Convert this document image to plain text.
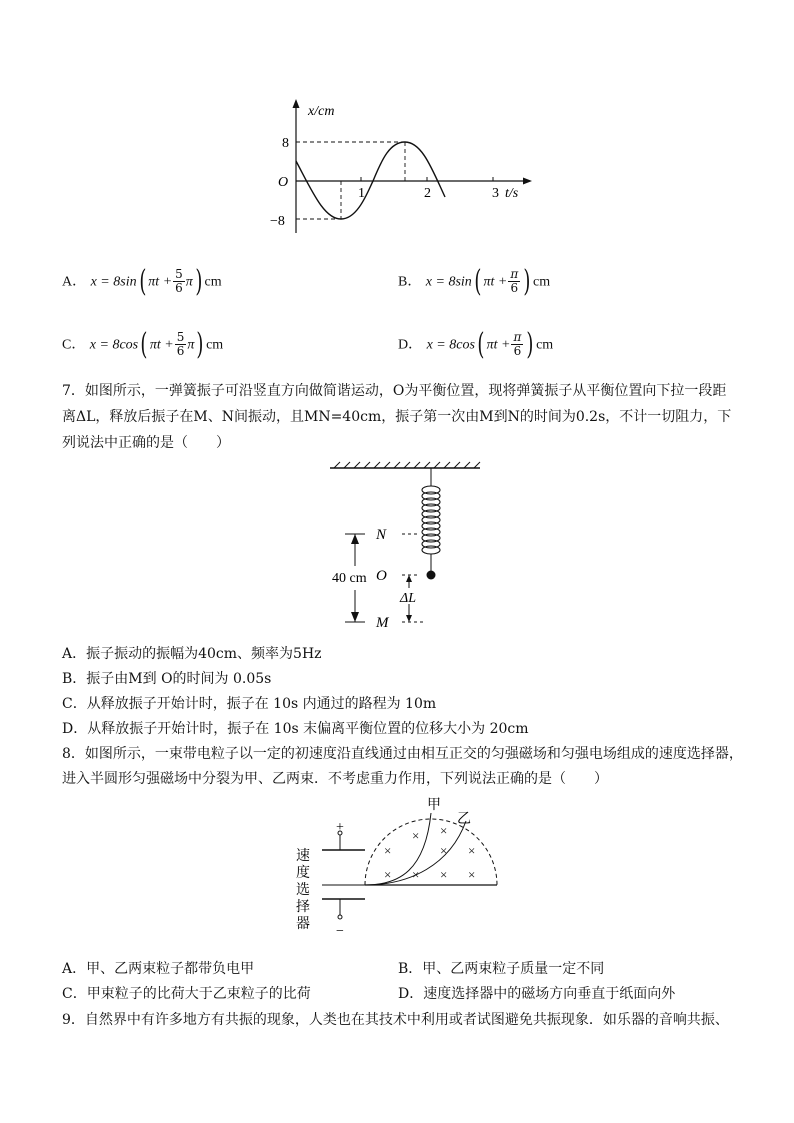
x/cm
8
O
−8
1	2	3 t/s
A． x = 8sin( $\pi t + \frac{5}{6} \pi$) cm	B． x = 8sin( $\pi t + \frac{\pi}{6}$ ) cm
C． x = 8cos( $\pi t + \frac{5}{6} \pi$) cm	D． x = 8cos( $\pi t + \frac{\pi}{6}$ ) cm
7．如图所示，一弹簧振子可沿竖直方向做简谐运动，O为平衡位置，现将弹簧振子从平衡位置向下拉一段距
离ΔL，释放后振子在M、N间振动，且MN=40cm，振子第一次由M到N的时间为0.2s，不计一切阻力，下
列说法中正确的是（　　）
N
O
M
40 cm
ΔL
A．振子振动的振幅为40cm、频率为5Hz
B．振子由M到 O的时间为 0.05s
C．从释放振子开始计时，振子在 10s 内通过的路程为 10m
D．从释放振子开始计时，振子在 10s 末偏离平衡位置的位移大小为 20cm
8．如图所示，一束带电粒子以一定的初速度沿直线通过由相互正交的匀强磁场和匀强电场组成的速度选择器，
进入半圆形匀强磁场中分裂为甲、乙两束．不考虑重力作用，下列说法正确的是（　　）
+
−
速
度
选
择
器
×
×
× ×
× × × ×
×
甲
乙
A．甲、乙两束粒子都带负电甲	B．甲、乙两束粒子质量一定不同
C．甲束粒子的比荷大于乙束粒子的比荷	D．速度选择器中的磁场方向垂直于纸面向外
9．自然界中有许多地方有共振的现象，人类也在其技术中利用或者试图避免共振现象．如乐器的音响共振、
